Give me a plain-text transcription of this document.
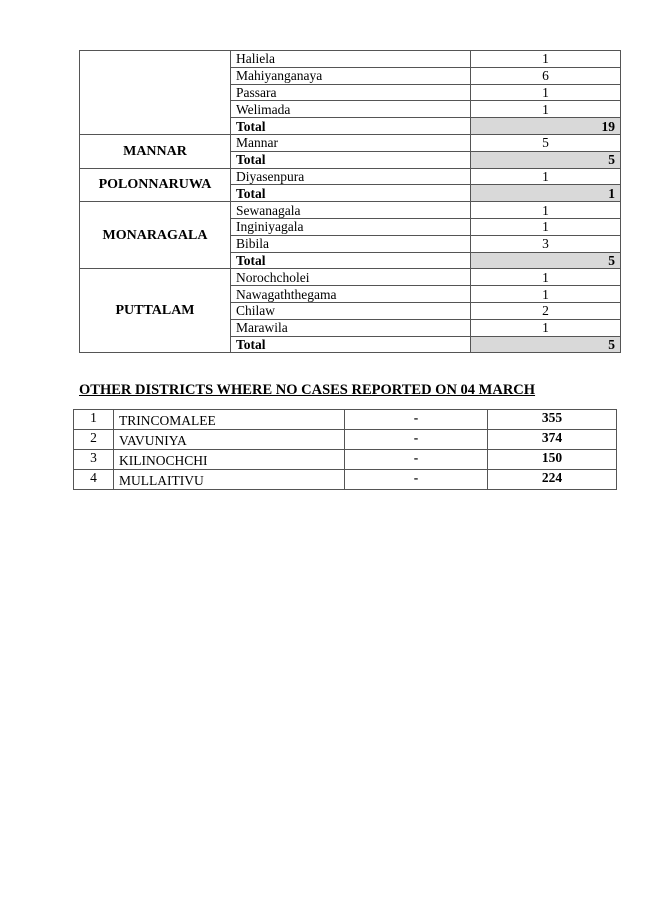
	Haliela	1
	Mahiyanganaya	6
	Passara	1
	Welimada	1
	Total	19
MANNAR	Mannar	5
	Total	5
POLONNARUWA	Diyasenpura	1
	Total	1
MONARAGALA	Sewanagala	1
	Inginiyagala	1
	Bibila	3
	Total	5
PUTTALAM	Norochcholei	1
	Nawagaththegama	1
	Chilaw	2
	Marawila	1
	Total	5
OTHER DISTRICTS WHERE NO CASES REPORTED ON 04 MARCH
1	TRINCOMALEE	-	355
2	VAVUNIYA	-	374
3	KILINOCHCHI	-	150
4	MULLAITIVU	-	224
